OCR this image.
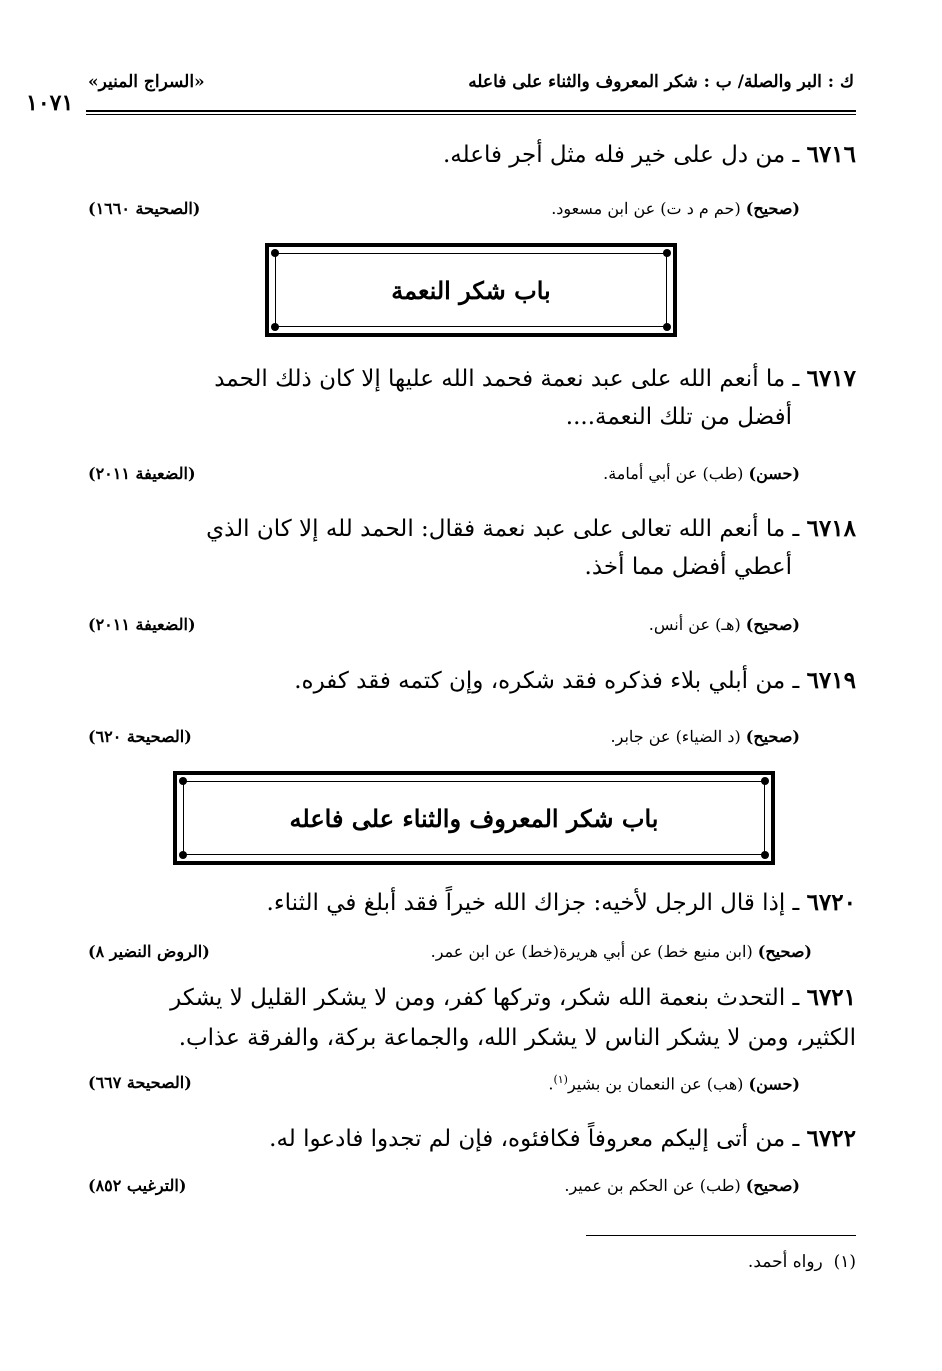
ك : البر والصلة/ ب : شكر المعروف والثناء على فاعله
«السراج المنير»
١٠٧١
٦٧١٦ ـ من دل على خير فله مثل أجر فاعله.
(صحيح) (حم م د ت) عن ابن مسعود.
(الصحيحة ١٦٦٠)
باب شكر النعمة
٦٧١٧ ـ ما أنعم الله على عبد نعمة فحمد الله عليها إلا كان ذلك الحمد
أفضل من تلك النعمة....
(حسن) (طب) عن أبي أمامة.
(الضعيفة ٢٠١١)
٦٧١٨ ـ ما أنعم الله تعالى على عبد نعمة فقال: الحمد لله إلا كان الذي
أعطي أفضل مما أخذ.
(صحيح) (هـ) عن أنس.
(الضعيفة ٢٠١١)
٦٧١٩ ـ من أبلي بلاء فذكره فقد شكره، وإن كتمه فقد كفره.
(صحيح) (د الضياء) عن جابر.
(الصحيحة ٦٢٠)
باب شكر المعروف والثناء على فاعله
٦٧٢٠ ـ إذا قال الرجل لأخيه: جزاك الله خيراً فقد أبلغ في الثناء.
(صحيح) (ابن منيع خط) عن أبي هريرة(خط) عن ابن عمر.
(الروض النضير ٨)
٦٧٢١ ـ التحدث بنعمة الله شكر، وتركها كفر، ومن لا يشكر القليل لا يشكر
الكثير، ومن لا يشكر الناس لا يشكر الله، والجماعة بركة، والفرقة عذاب.
(حسن) (هب) عن النعمان بن بشير$^{(١)}$.
(الصحيحة ٦٦٧)
٦٧٢٢ ـ من أتى إليكم معروفاً فكافئوه، فإن لم تجدوا فادعوا له.
(صحيح) (طب) عن الحكم بن عمير.
(الترغيب ٨٥٢)
(١)  رواه أحمد.
